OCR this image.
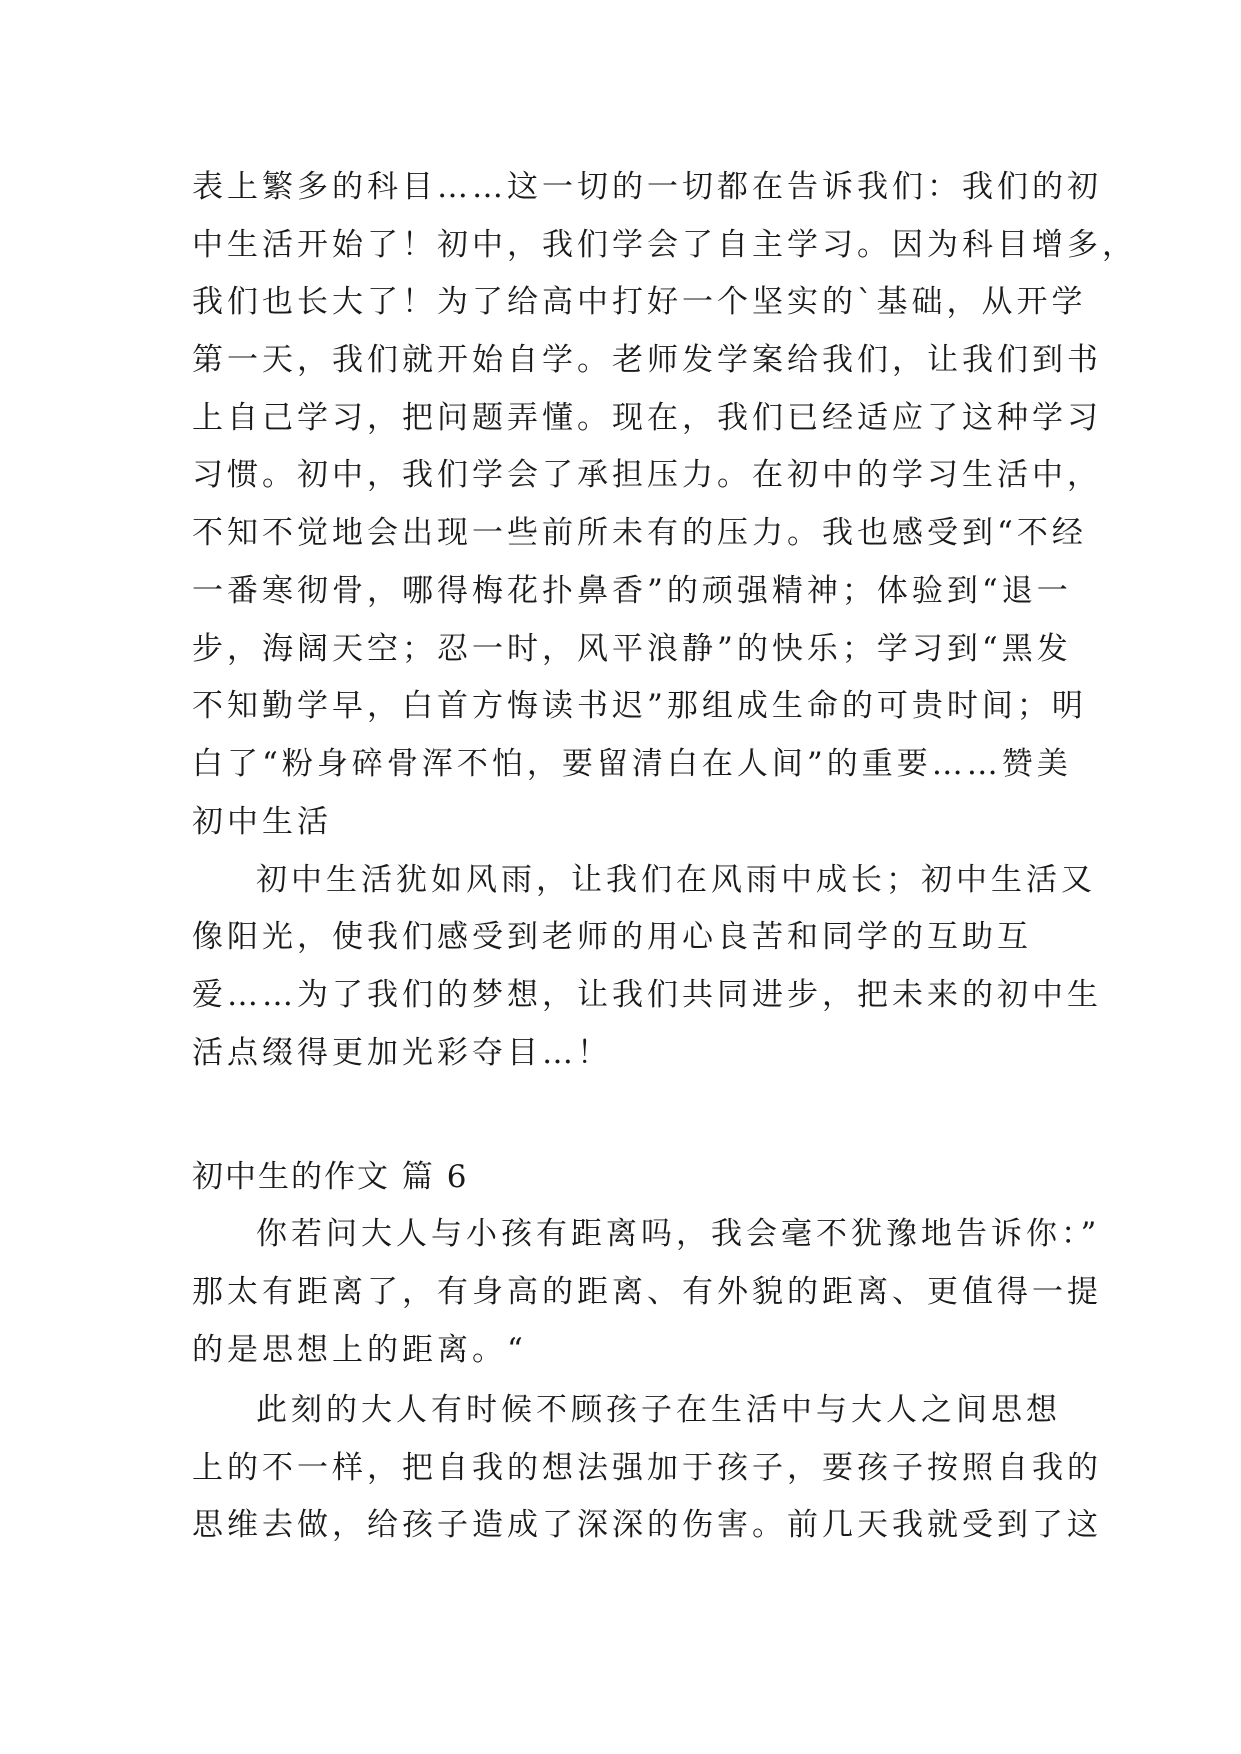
表上繁多的科目……这一切的一切都在告诉我们：我们的初
中生活开始了！初中，我们学会了自主学习。因为科目增多，
我们也长大了！为了给高中打好一个坚实的`基础，从开学
第一天，我们就开始自学。老师发学案给我们，让我们到书
上自己学习，把问题弄懂。现在，我们已经适应了这种学习
习惯。初中，我们学会了承担压力。在初中的学习生活中，
不知不觉地会出现一些前所未有的压力。我也感受到“不经
一番寒彻骨，哪得梅花扑鼻香”的顽强精神；体验到“退一
步，海阔天空；忍一时，风平浪静”的快乐；学习到“黑发
不知勤学早，白首方悔读书迟”那组成生命的可贵时间；明
白了“粉身碎骨浑不怕，要留清白在人间”的重要……赞美
初中生活
初中生活犹如风雨，让我们在风雨中成长；初中生活又
像阳光，使我们感受到老师的用心良苦和同学的互助互
爱……为了我们的梦想，让我们共同进步，把未来的初中生
活点缀得更加光彩夺目…！
初中生的作文 篇 6
你若问大人与小孩有距离吗，我会毫不犹豫地告诉你：”
那太有距离了，有身高的距离、有外貌的距离、更值得一提
的是思想上的距离。“
此刻的大人有时候不顾孩子在生活中与大人之间思想
上的不一样，把自我的想法强加于孩子，要孩子按照自我的
思维去做，给孩子造成了深深的伤害。前几天我就受到了这
